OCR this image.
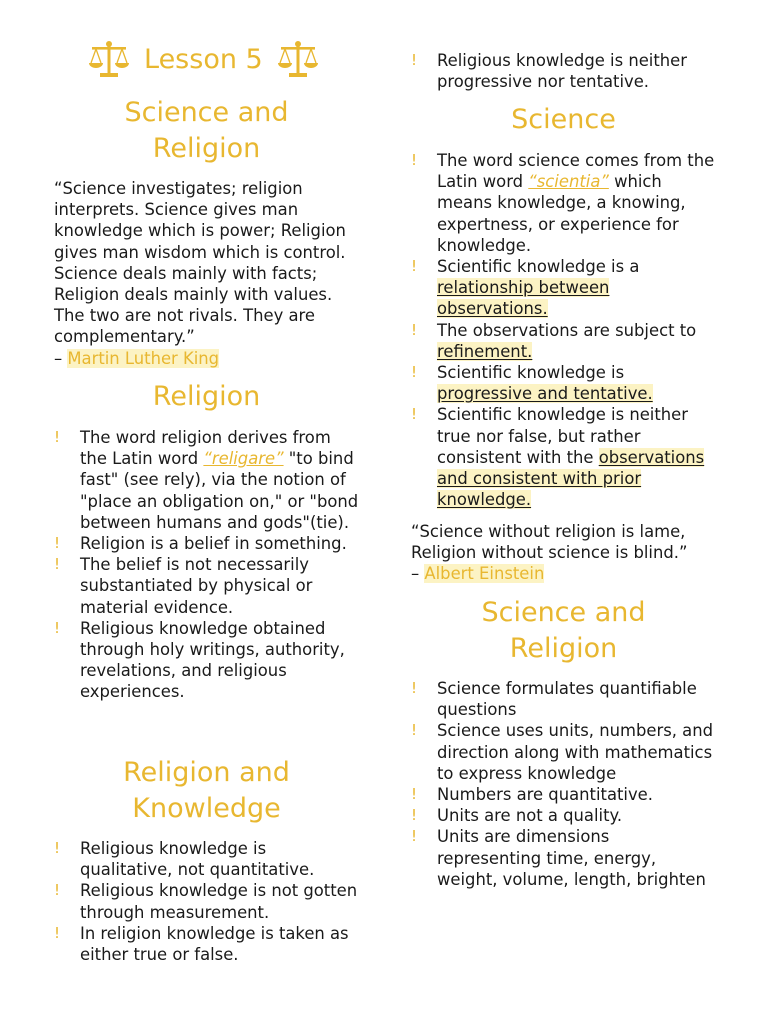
Lesson 5

Science and

Religion

“Science investigates; religion interprets. Science gives man knowledge which is power; Religion gives man wisdom which is control. Science deals mainly with facts; Religion deals mainly with values. The two are not rivals. They are complementary.”

– Martin Luther King

Religion

! The word religion derives from the Latin word “religare” "to bind fast" (see rely), via the notion of "place an obligation on," or "bond between humans and gods"(tie).
! Religion is a belief in something.
! The belief is not necessarily substantiated by physical or material evidence.
! Religious knowledge obtained through holy writings, authority, revelations, and religious experiences.

Religion and

Knowledge

! Religious knowledge is qualitative, not quantitative.
! Religious knowledge is not gotten through measurement.
! In religion knowledge is taken as either true or false.
! Religious knowledge is neither progressive nor tentative.

Science

! The word science comes from the Latin word “scientia” which means knowledge, a knowing, expertness, or experience for knowledge.
! Scientific knowledge is a relationship between observations.
! The observations are subject to refinement.
! Scientific knowledge is progressive and tentative.
! Scientific knowledge is neither true nor false, but rather consistent with the observations and consistent with prior knowledge.

“Science without religion is lame, Religion without science is blind.”

– Albert Einstein

Science and

Religion

! Science formulates quantifiable questions
! Science uses units, numbers, and direction along with mathematics to express knowledge
! Numbers are quantitative.
! Units are not a quality.
! Units are dimensions representing time, energy, weight, volume, length, brighten
